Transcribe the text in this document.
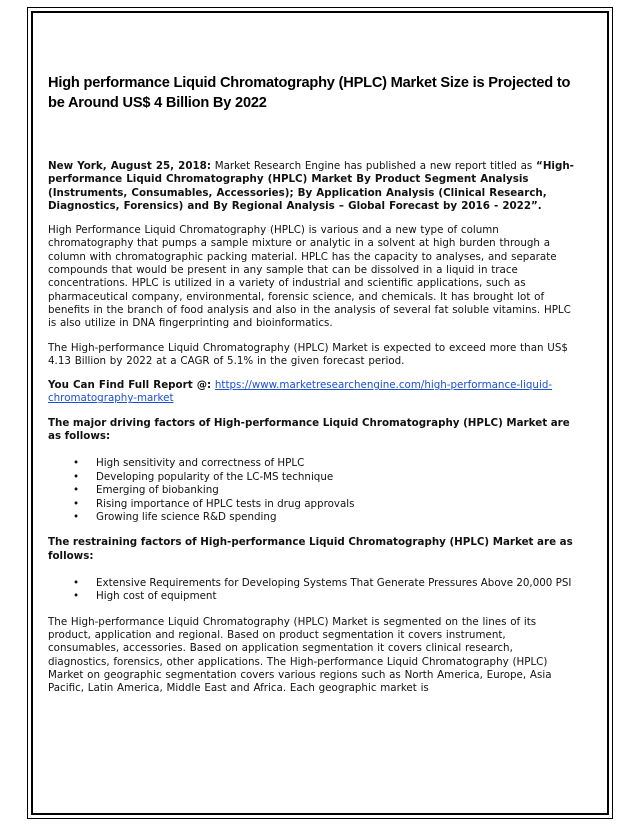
High performance Liquid Chromatography (HPLC) Market Size is Projected to be Around US$ 4 Billion By 2022

New York, August 25, 2018: Market Research Engine has published a new report titled as “High-performance Liquid Chromatography (HPLC) Market By Product Segment Analysis (Instruments, Consumables, Accessories); By Application Analysis (Clinical Research, Diagnostics, Forensics) and By Regional Analysis – Global Forecast by 2016 - 2022”.

High Performance Liquid Chromatography (HPLC) is various and a new type of column chromatography that pumps a sample mixture or analytic in a solvent at high burden through a column with chromatographic packing material. HPLC has the capacity to analyses, and separate compounds that would be present in any sample that can be dissolved in a liquid in trace concentrations. HPLC is utilized in a variety of industrial and scientific applications, such as pharmaceutical company, environmental, forensic science, and chemicals. It has brought lot of benefits in the branch of food analysis and also in the analysis of several fat soluble vitamins. HPLC is also utilize in DNA fingerprinting and bioinformatics.

The High-performance Liquid Chromatography (HPLC) Market is expected to exceed more than US$ 4.13 Billion by 2022 at a CAGR of 5.1% in the given forecast period.

You Can Find Full Report @: https://www.marketresearchengine.com/high-performance-liquid-chromatography-market

The major driving factors of High-performance Liquid Chromatography (HPLC) Market are as follows:

• High sensitivity and correctness of HPLC
• Developing popularity of the LC-MS technique
• Emerging of biobanking
• Rising importance of HPLC tests in drug approvals
• Growing life science R&D spending

The restraining factors of High-performance Liquid Chromatography (HPLC) Market are as follows:

• Extensive Requirements for Developing Systems That Generate Pressures Above 20,000 PSI
• High cost of equipment

The High-performance Liquid Chromatography (HPLC) Market is segmented on the lines of its product, application and regional. Based on product segmentation it covers instrument, consumables, accessories. Based on application segmentation it covers clinical research, diagnostics, forensics, other applications. The High-performance Liquid Chromatography (HPLC) Market on geographic segmentation covers various regions such as North America, Europe, Asia Pacific, Latin America, Middle East and Africa. Each geographic market is
